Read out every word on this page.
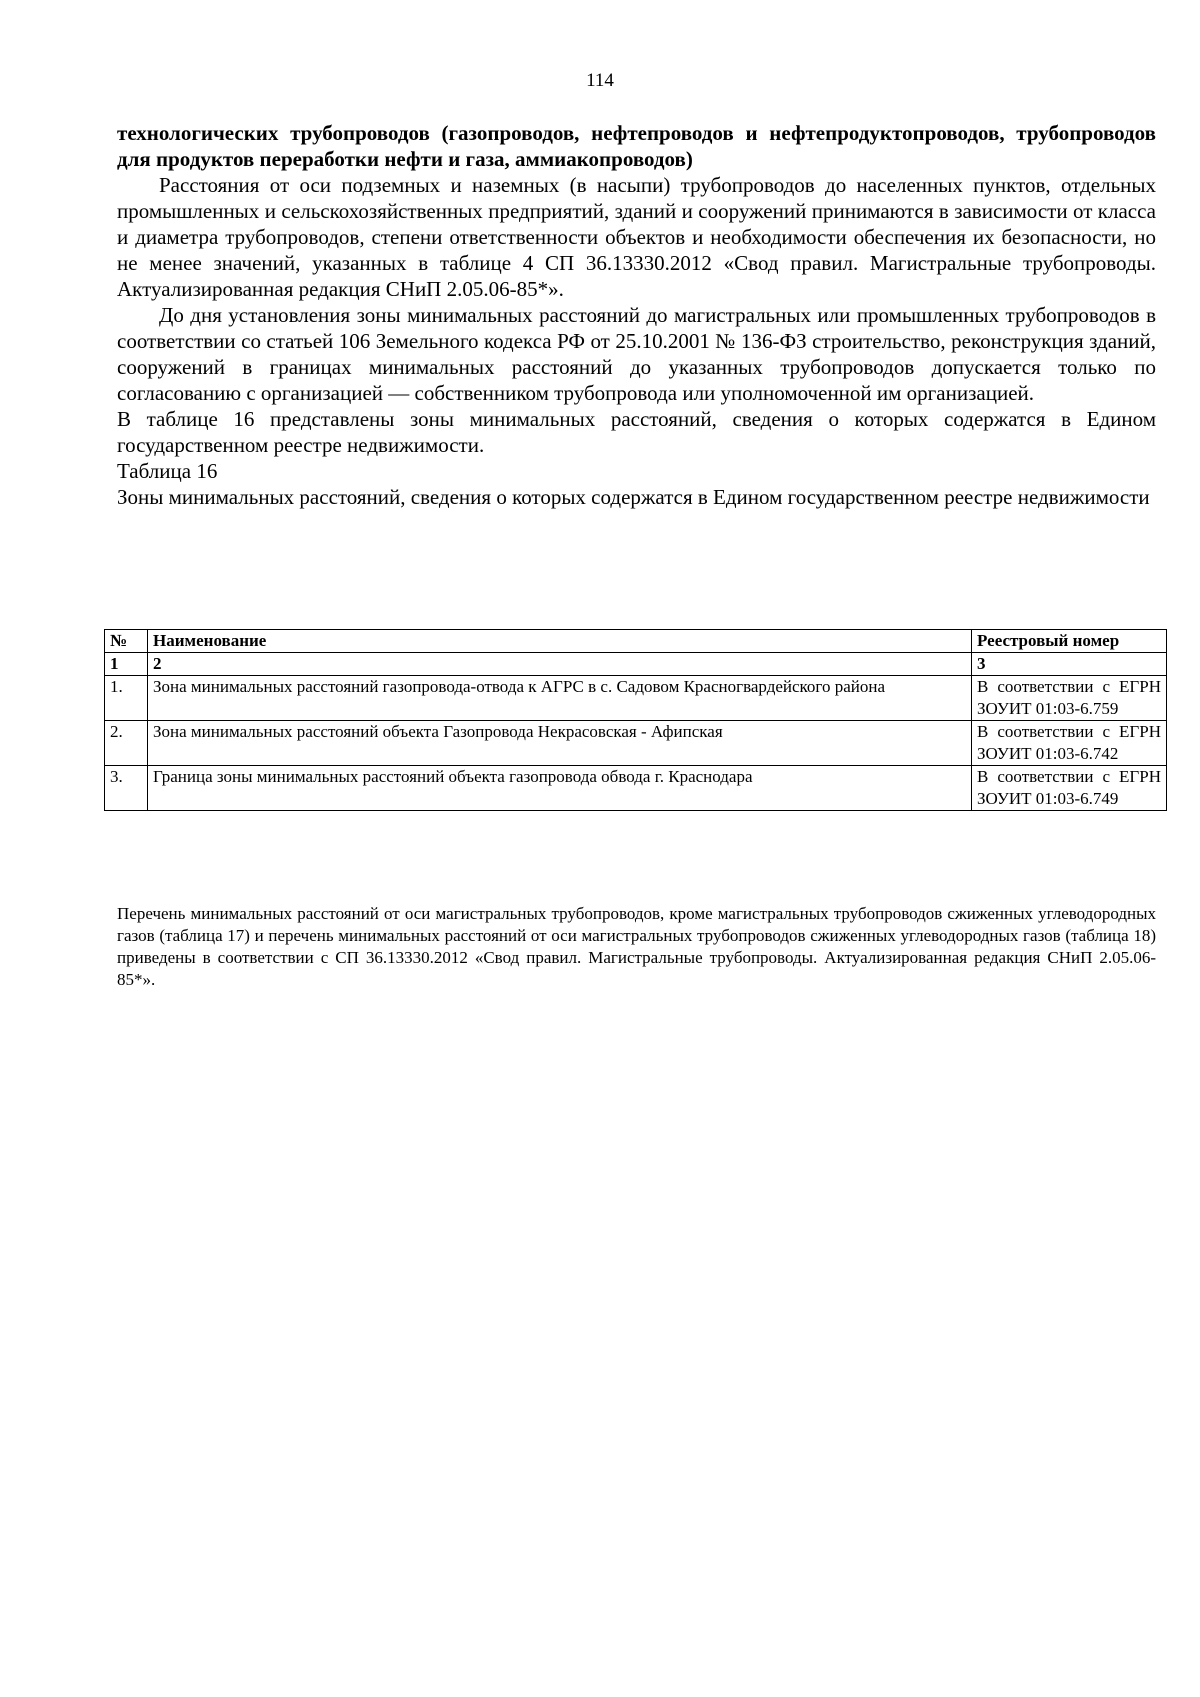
114

технологических трубопроводов (газопроводов, нефтепроводов и нефтепродуктопроводов, трубопроводов для продуктов переработки нефти и газа, аммиакопроводов)

Расстояния от оси подземных и наземных (в насыпи) трубопроводов до населенных пунктов, отдельных промышленных и сельскохозяйственных предприятий, зданий и сооружений принимаются в зависимости от класса и диаметра трубопроводов, степени ответственности объектов и необходимости обеспечения их безопасности, но не менее значений, указанных в таблице 4 СП 36.13330.2012 «Свод правил. Магистральные трубопроводы. Актуализированная редакция СНиП 2.05.06-85*».

До дня установления зоны минимальных расстояний до магистральных или промышленных трубопроводов в соответствии со статьей 106 Земельного кодекса РФ от 25.10.2001 № 136-ФЗ строительство, реконструкция зданий, сооружений в границах минимальных расстояний до указанных трубопроводов допускается только по согласованию с организацией — собственником трубопровода или уполномоченной им организацией.

В таблице 16 представлены зоны минимальных расстояний, сведения о которых содержатся в Едином государственном реестре недвижимости.

Таблица 16

Зоны минимальных расстояний, сведения о которых содержатся в Едином государственном реестре недвижимости

№	Наименование	Реестровый номер
1	2	3
1.	Зона минимальных расстояний газопровода-отвода к АГРС в с. Садовом Красногвардейского района	В соответствии с ЕГРН ЗОУИТ 01:03-6.759
2.	Зона минимальных расстояний объекта Газопровода Некрасовская - Афипская	В соответствии с ЕГРН ЗОУИТ 01:03-6.742
3.	Граница зоны минимальных расстояний объекта газопровода обвода г. Краснодара	В соответствии с ЕГРН ЗОУИТ 01:03-6.749

Перечень минимальных расстояний от оси магистральных трубопроводов, кроме магистральных трубопроводов сжиженных углеводородных газов (таблица 17) и перечень минимальных расстояний от оси магистральных трубопроводов сжиженных углеводородных газов (таблица 18) приведены в соответствии с СП 36.13330.2012 «Свод правил. Магистральные трубопроводы. Актуализированная редакция СНиП 2.05.06-85*».
